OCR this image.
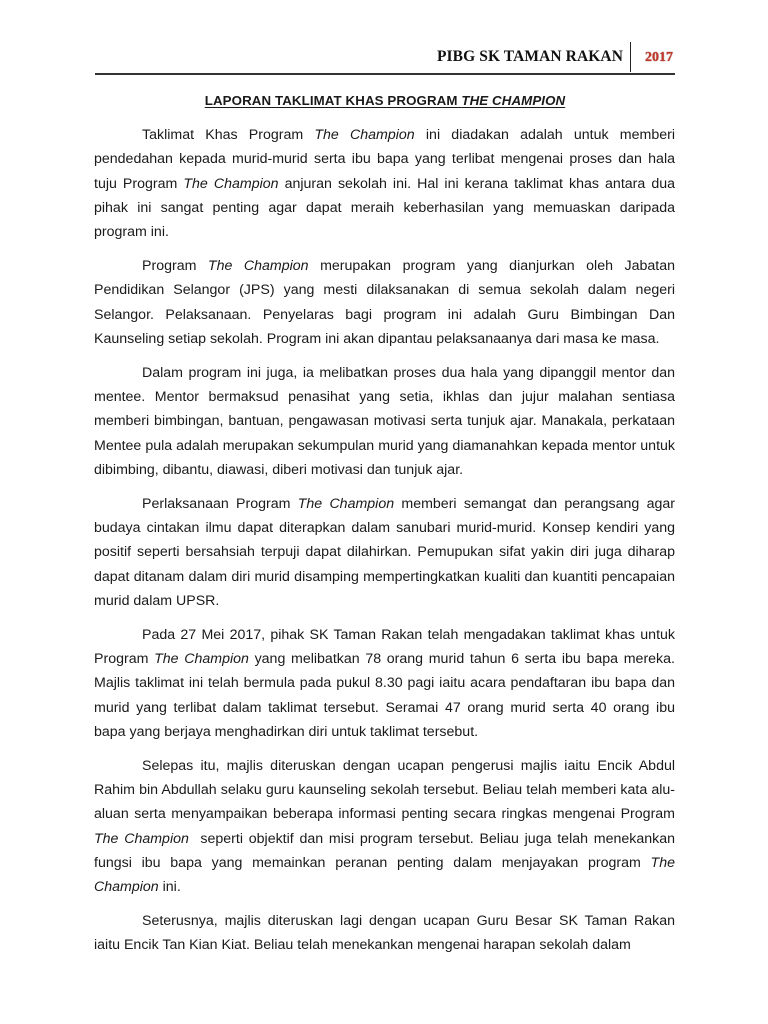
PIBG SK TAMAN RAKAN 2017
LAPORAN TAKLIMAT KHAS PROGRAM THE CHAMPION

Taklimat Khas Program The Champion ini diadakan adalah untuk memberi pendedahan kepada murid-murid serta ibu bapa yang terlibat mengenai proses dan hala tuju Program The Champion anjuran sekolah ini. Hal ini kerana taklimat khas antara dua pihak ini sangat penting agar dapat meraih keberhasilan yang memuaskan daripada program ini.

Program The Champion merupakan program yang dianjurkan oleh Jabatan Pendidikan Selangor (JPS) yang mesti dilaksanakan di semua sekolah dalam negeri Selangor. Pelaksanaan. Penyelaras bagi program ini adalah Guru Bimbingan Dan Kaunseling setiap sekolah. Program ini akan dipantau pelaksanaanya dari masa ke masa.

Dalam program ini juga, ia melibatkan proses dua hala yang dipanggil mentor dan mentee. Mentor bermaksud penasihat yang setia, ikhlas dan jujur malahan sentiasa memberi bimbingan, bantuan, pengawasan motivasi serta tunjuk ajar. Manakala, perkataan Mentee pula adalah merupakan sekumpulan murid yang diamanahkan kepada mentor untuk dibimbing, dibantu, diawasi, diberi motivasi dan tunjuk ajar.

Perlaksanaan Program The Champion memberi semangat dan perangsang agar budaya cintakan ilmu dapat diterapkan dalam sanubari murid-murid. Konsep kendiri yang positif seperti bersahsiah terpuji dapat dilahirkan. Pemupukan sifat yakin diri juga diharap dapat ditanam dalam diri murid disamping mempertingkatkan kualiti dan kuantiti pencapaian murid dalam UPSR.

Pada 27 Mei 2017, pihak SK Taman Rakan telah mengadakan taklimat khas untuk Program The Champion yang melibatkan 78 orang murid tahun 6 serta ibu bapa mereka. Majlis taklimat ini telah bermula pada pukul 8.30 pagi iaitu acara pendaftaran ibu bapa dan murid yang terlibat dalam taklimat tersebut. Seramai 47 orang murid serta 40 orang ibu bapa yang berjaya menghadirkan diri untuk taklimat tersebut.

Selepas itu, majlis diteruskan dengan ucapan pengerusi majlis iaitu Encik Abdul Rahim bin Abdullah selaku guru kaunseling sekolah tersebut. Beliau telah memberi kata alu-aluan serta menyampaikan beberapa informasi penting secara ringkas mengenai Program The Champion seperti objektif dan misi program tersebut. Beliau juga telah menekankan fungsi ibu bapa yang memainkan peranan penting dalam menjayakan program The Champion ini.

Seterusnya, majlis diteruskan lagi dengan ucapan Guru Besar SK Taman Rakan iaitu Encik Tan Kian Kiat. Beliau telah menekankan mengenai harapan sekolah dalam
